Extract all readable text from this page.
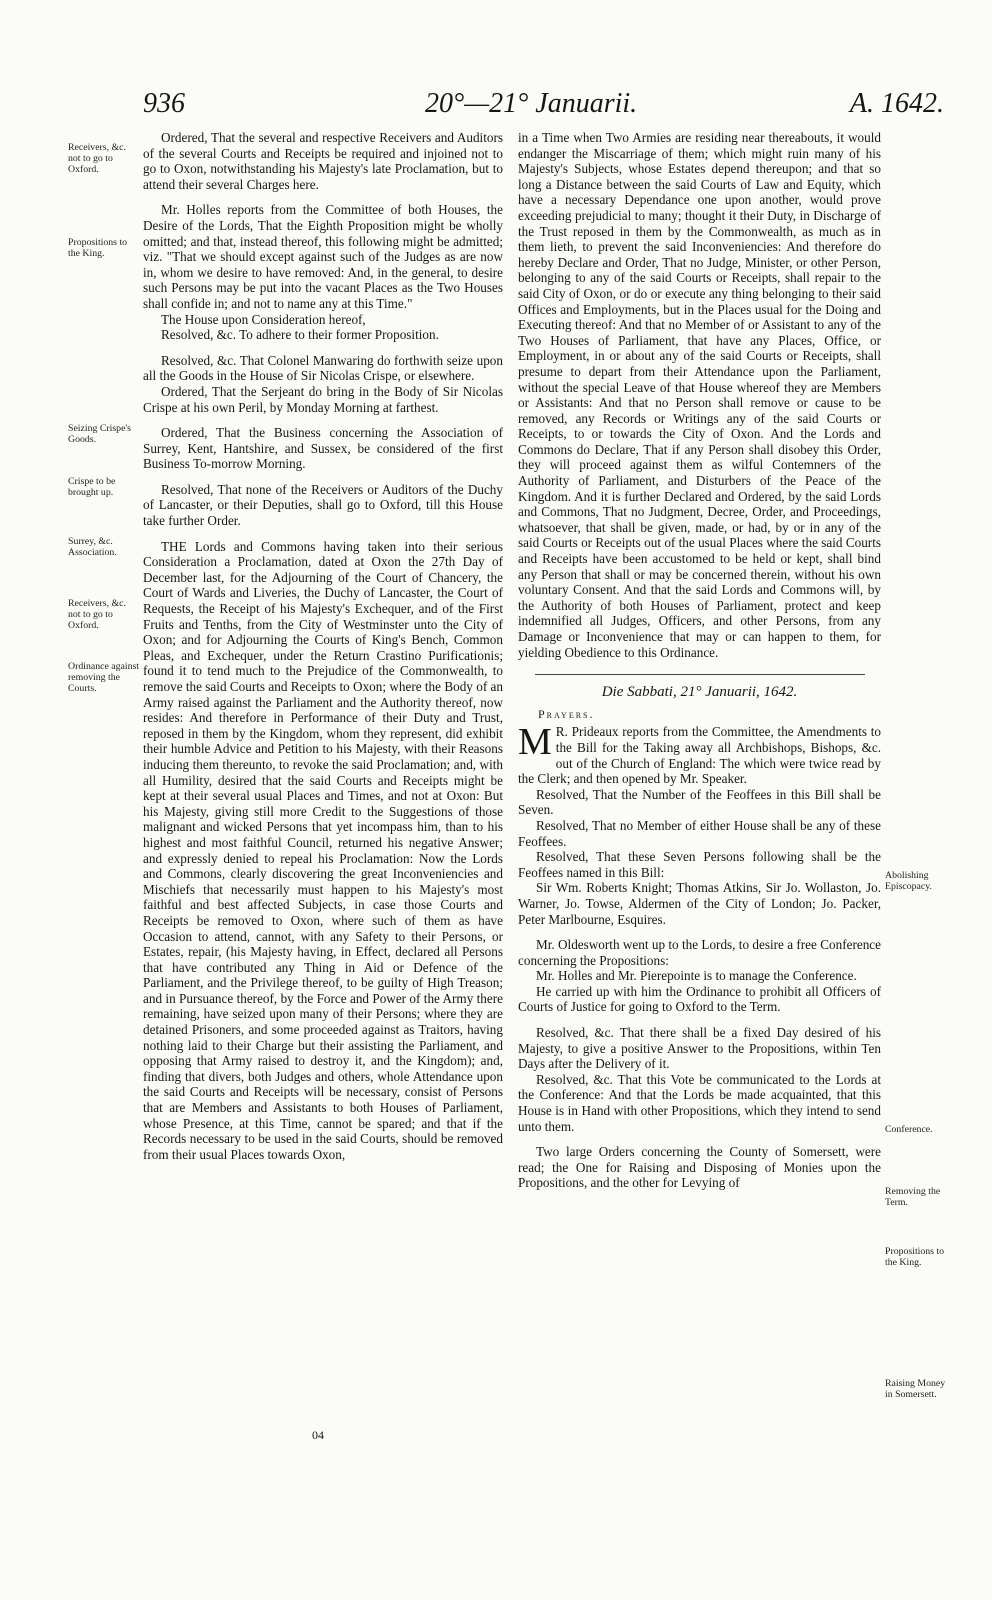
936	20°—21° Januarii.	A. 1642.
Receivers, &c. not to go to Oxford.
Propositions to the King.
Seizing Crispe's Goods.
Crispe to be brought up.
Surrey, &c. Association.
Receivers, &c. not to go to Oxford.
Ordinance against removing the Courts.
Abolishing Episcopacy.
Conference.
Removing the Term.
Propositions to the King.
Raising Money in Somersett.

Ordered, That the several and respective Receivers and Auditors of the several Courts and Receipts be required and injoined not to go to Oxon, notwithstanding his Majesty's late Proclamation, but to attend their several Charges here.

Mr. Holles reports from the Committee of both Houses, the Desire of the Lords, That the Eighth Proposition might be wholly omitted; and that, instead thereof, this following might be admitted; viz. "That we should except against such of the Judges as are now in, whom we desire to have removed: And, in the general, to desire such Persons may be put into the vacant Places as the Two Houses shall confide in; and not to name any at this Time."

The House upon Consideration hereof,

Resolved, &c. To adhere to their former Proposition.

Resolved, &c. That Colonel Manwaring do forthwith seize upon all the Goods in the House of Sir Nicolas Crispe, or elsewhere.

Ordered, That the Serjeant do bring in the Body of Sir Nicolas Crispe at his own Peril, by Monday Morning at farthest.

Ordered, That the Business concerning the Association of Surrey, Kent, Hantshire, and Sussex, be considered of the first Business To-morrow Morning.

Resolved, That none of the Receivers or Auditors of the Duchy of Lancaster, or their Deputies, shall go to Oxford, till this House take further Order.

THE Lords and Commons having taken into their serious Consideration a Proclamation, dated at Oxon the 27th Day of December last, for the Adjourning of the Court of Chancery, the Court of Wards and Liveries, the Duchy of Lancaster, the Court of Requests, the Receipt of his Majesty's Exchequer, and of the First Fruits and Tenths, from the City of Westminster unto the City of Oxon; and for Adjourning the Courts of King's Bench, Common Pleas, and Exchequer, under the Return Crastino Purificationis; found it to tend much to the Prejudice of the Commonwealth, to remove the said Courts and Receipts to Oxon; where the Body of an Army raised against the Parliament and the Authority thereof, now resides: And therefore in Performance of their Duty and Trust, reposed in them by the Kingdom, whom they represent, did exhibit their humble Advice and Petition to his Majesty, with their Reasons inducing them thereunto, to revoke the said Proclamation; and, with all Humility, desired that the said Courts and Receipts might be kept at their several usual Places and Times, and not at Oxon: But his Majesty, giving still more Credit to the Suggestions of those malignant and wicked Persons that yet incompass him, than to his highest and most faithful Council, returned his negative Answer; and expressly denied to repeal his Proclamation: Now the Lords and Commons, clearly discovering the great Inconveniencies and Mischiefs that necessarily must happen to his Majesty's most faithful and best affected Subjects, in case those Courts and Receipts be removed to Oxon, where such of them as have Occasion to attend, cannot, with any Safety to their Persons, or Estates, repair, (his Majesty having, in Effect, declared all Persons that have contributed any Thing in Aid or Defence of the Parliament, and the Privilege thereof, to be guilty of High Treason; and in Pursuance thereof, by the Force and Power of the Army there remaining, have seized upon many of their Persons; where they are detained Prisoners, and some proceeded against as Traitors, having nothing laid to their Charge but their assisting the Parliament, and opposing that Army raised to destroy it, and the Kingdom); and, finding that divers, both Judges and others, whole Attendance upon the said Courts and Receipts will be necessary, consist of Persons that are Members and Assistants to both Houses of Parliament, whose Presence, at this Time, cannot be spared; and that if the Records necessary to be used in the said Courts, should be removed from their usual Places towards Oxon,

04

in a Time when Two Armies are residing near thereabouts, it would endanger the Miscarriage of them; which might ruin many of his Majesty's Subjects, whose Estates depend thereupon; and that so long a Distance between the said Courts of Law and Equity, which have a necessary Dependance one upon another, would prove exceeding prejudicial to many; thought it their Duty, in Discharge of the Trust reposed in them by the Commonwealth, as much as in them lieth, to prevent the said Inconveniencies: And therefore do hereby Declare and Order, That no Judge, Minister, or other Person, belonging to any of the said Courts or Receipts, shall repair to the said City of Oxon, or do or execute any thing belonging to their said Offices and Employments, but in the Places usual for the Doing and Executing thereof: And that no Member of or Assistant to any of the Two Houses of Parliament, that have any Places, Office, or Employment, in or about any of the said Courts or Receipts, shall presume to depart from their Attendance upon the Parliament, without the special Leave of that House whereof they are Members or Assistants: And that no Person shall remove or cause to be removed, any Records or Writings any of the said Courts or Receipts, to or towards the City of Oxon. And the Lords and Commons do Declare, That if any Person shall disobey this Order, they will proceed against them as wilful Contemners of the Authority of Parliament, and Disturbers of the Peace of the Kingdom. And it is further Declared and Ordered, by the said Lords and Commons, That no Judgment, Decree, Order, and Proceedings, whatsoever, that shall be given, made, or had, by or in any of the said Courts or Receipts out of the usual Places where the said Courts and Receipts have been accustomed to be held or kept, shall bind any Person that shall or may be concerned therein, without his own voluntary Consent. And that the said Lords and Commons will, by the Authority of both Houses of Parliament, protect and keep indemnified all Judges, Officers, and other Persons, from any Damage or Inconvenience that may or can happen to them, for yielding Obedience to this Ordinance.

Die Sabbati, 21° Januarii, 1642.
Prayers.

M R. Prideaux reports from the Committee, the Amendments to the Bill for the Taking away all Archbishops, Bishops, &c. out of the Church of England: The which were twice read by the Clerk; and then opened by Mr. Speaker.

Resolved, That the Number of the Feoffees in this Bill shall be Seven.

Resolved, That no Member of either House shall be any of these Feoffees.

Resolved, That these Seven Persons following shall be the Feoffees named in this Bill:

Sir Wm. Roberts Knight; Thomas Atkins, Sir Jo. Wollaston, Jo. Warner, Jo. Towse, Aldermen of the City of London; Jo. Packer, Peter Marlbourne, Esquires.

Mr. Oldesworth went up to the Lords, to desire a free Conference concerning the Propositions:

Mr. Holles and Mr. Pierepointe is to manage the Conference.

He carried up with him the Ordinance to prohibit all Officers of Courts of Justice for going to Oxford to the Term.

Resolved, &c. That there shall be a fixed Day desired of his Majesty, to give a positive Answer to the Propositions, within Ten Days after the Delivery of it.

Resolved, &c. That this Vote be communicated to the Lords at the Conference: And that the Lords be made acquainted, that this House is in Hand with other Propositions, which they intend to send unto them.

Two large Orders concerning the County of Somersett, were read; the One for Raising and Disposing of Monies upon the Propositions, and the other for Levying of
